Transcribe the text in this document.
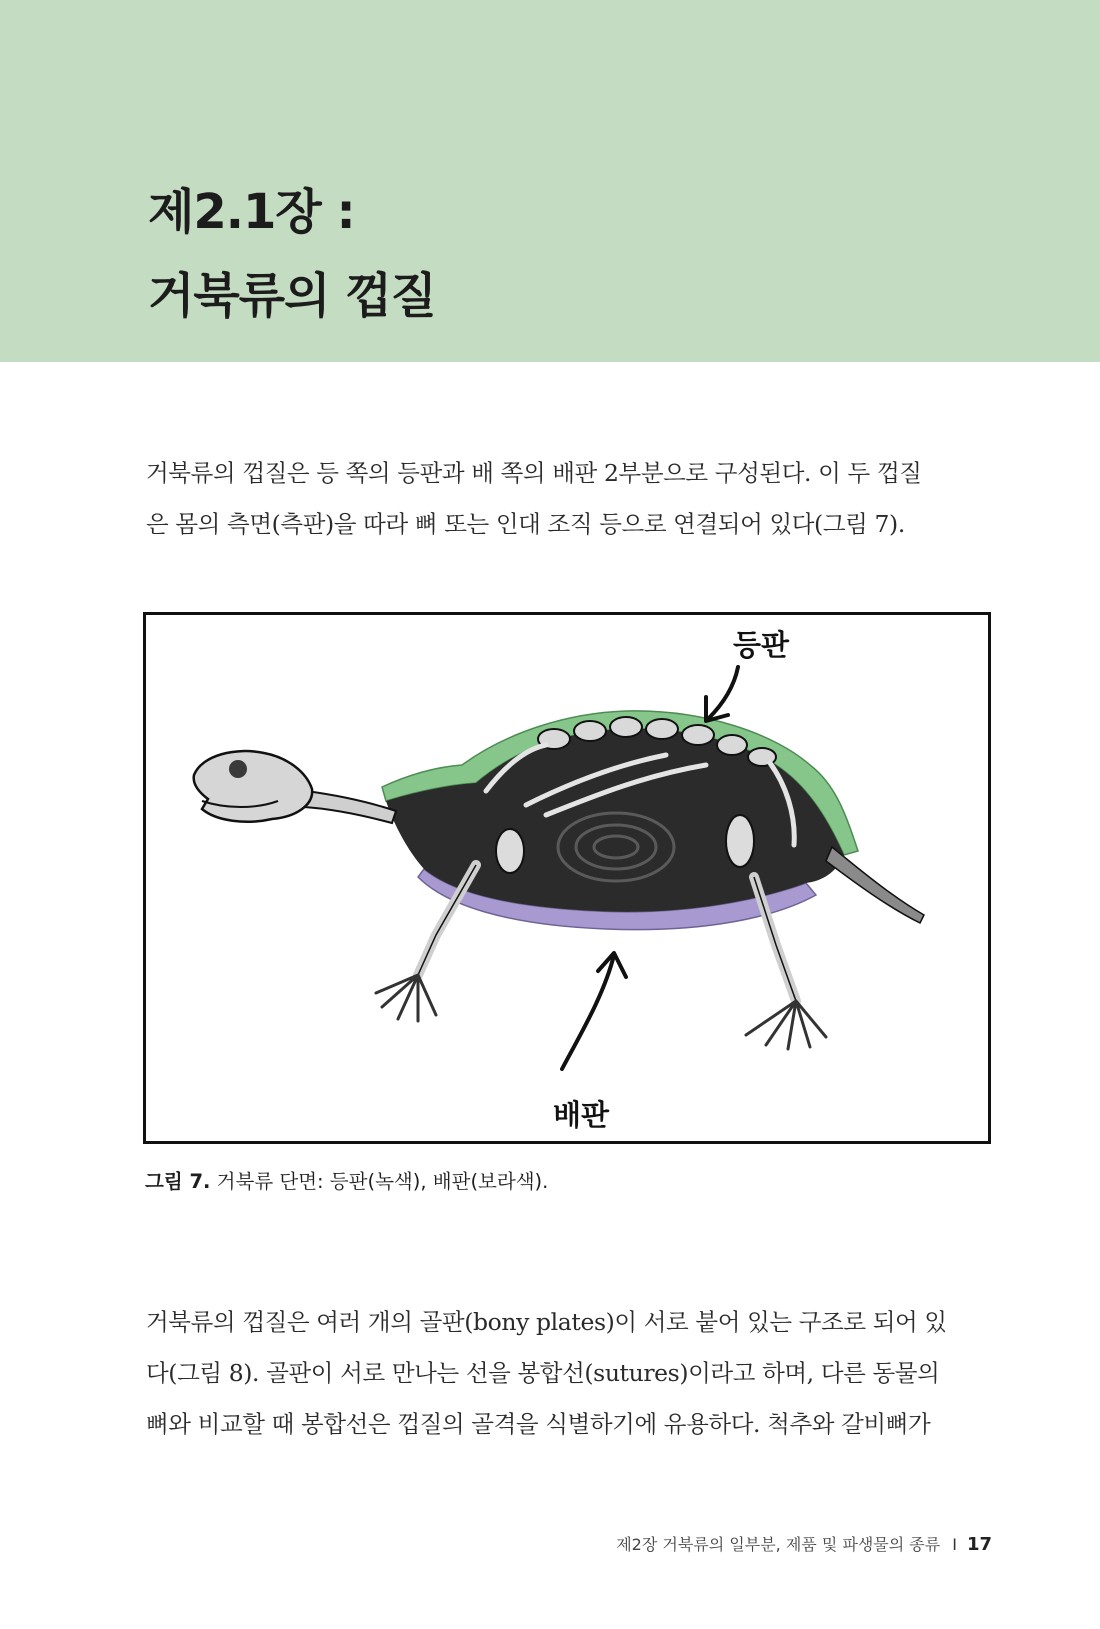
제2.1장 :
거북류의 껍질

거북류의 껍질은 등 쪽의 등판과 배 쪽의 배판 2부분으로 구성된다. 이 두 껍질
은 몸의 측면(측판)을 따라 뼈 또는 인대 조직 등으로 연결되어 있다(그림 7).

등판
배판

그림 7. 거북류 단면: 등판(녹색), 배판(보라색).

거북류의 껍질은 여러 개의 골판(bony plates)이 서로 붙어 있는 구조로 되어 있
다(그림 8). 골판이 서로 만나는 선을 봉합선(sutures)이라고 하며, 다른 동물의
뼈와 비교할 때 봉합선은 껍질의 골격을 식별하기에 유용하다. 척추와 갈비뼈가

제2장 거북류의 일부분, 제품 및 파생물의 종류 I 17
